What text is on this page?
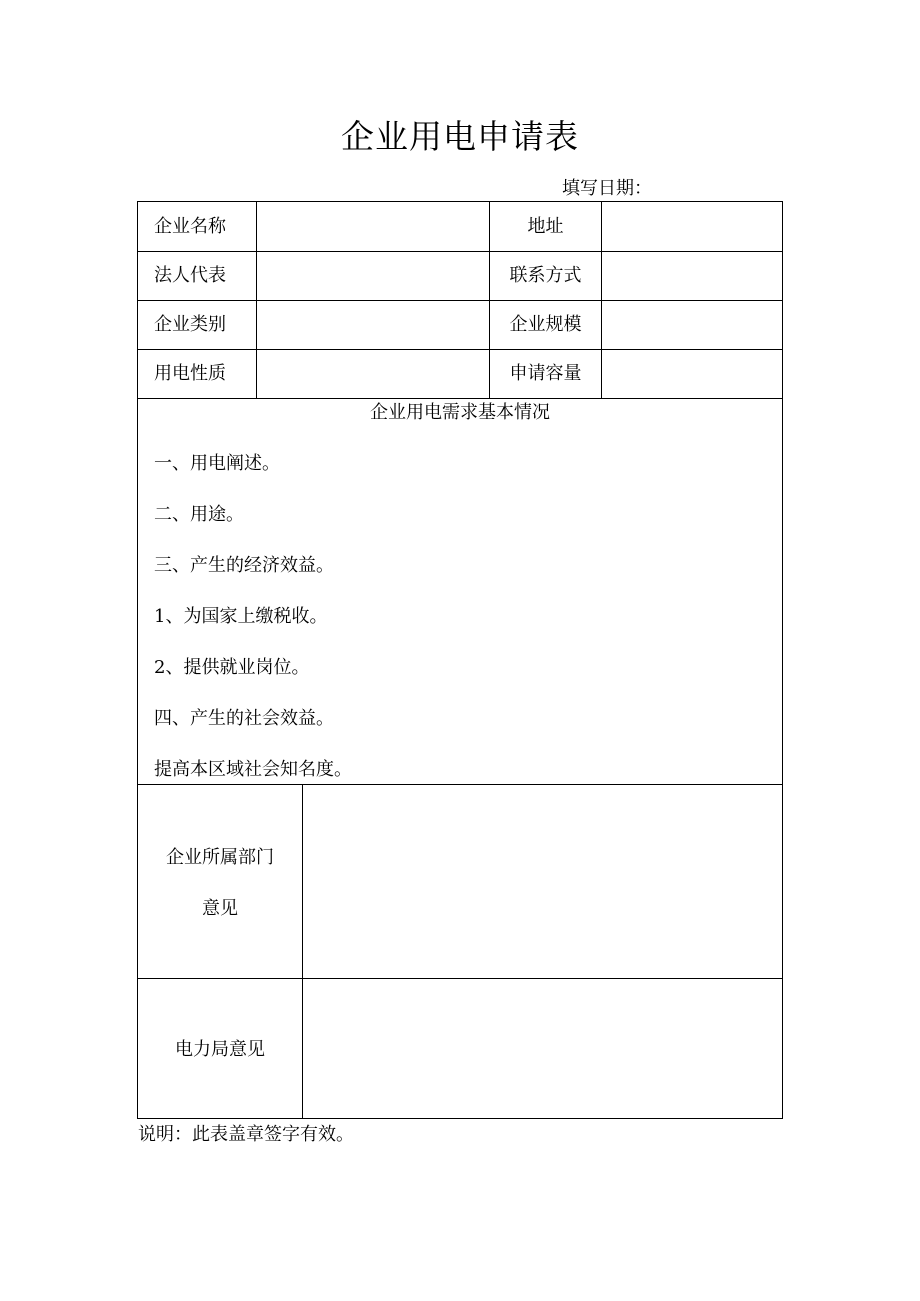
企业用电申请表
填写日期：
企业名称	地址
法人代表	联系方式
企业类别	企业规模
用电性质	申请容量
企业用电需求基本情况
一、用电阐述。
二、用途。
三、产生的经济效益。
1、为国家上缴税收。
2、提供就业岗位。
四、产生的社会效益。
提高本区域社会知名度。
企业所属部门
意见
电力局意见
说明：此表盖章签字有效。
